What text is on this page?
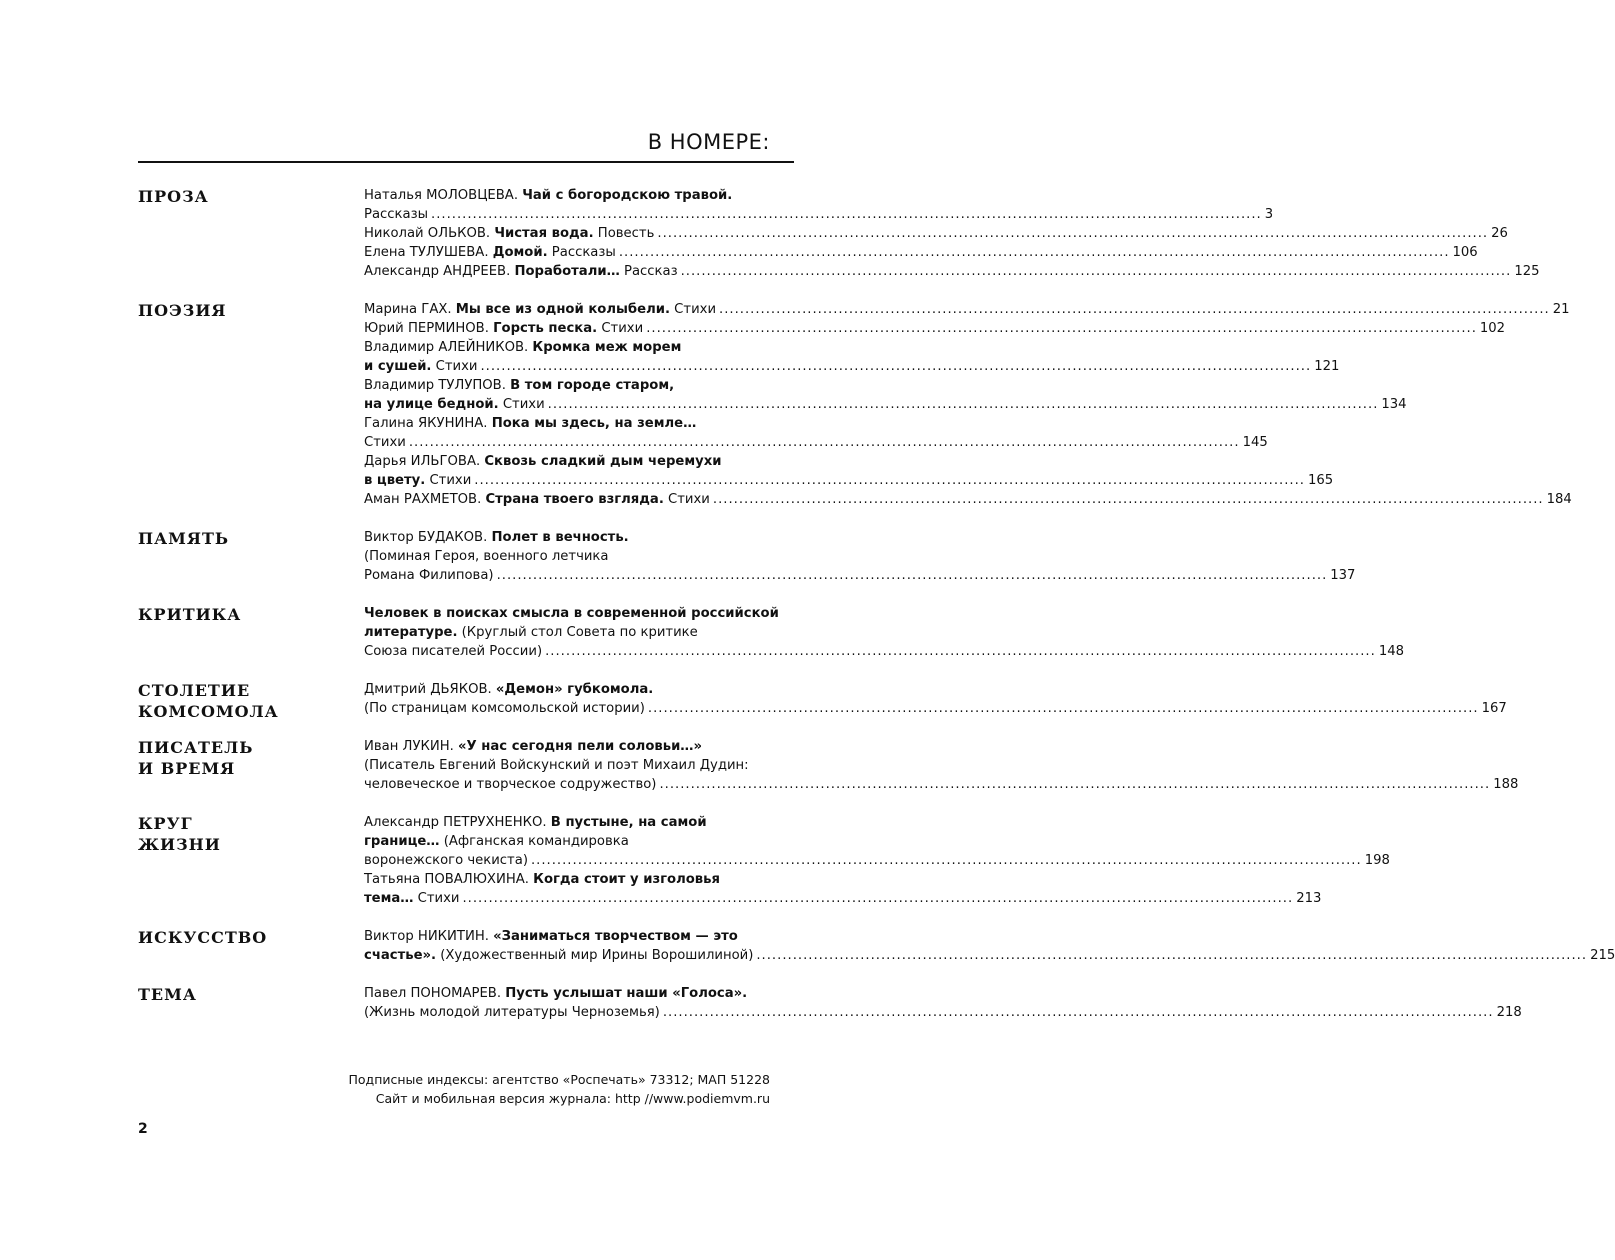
В НОМЕРЕ:
ПРОЗА	Наталья МОЛОВЦЕВА. Чай с богородскою травой.
Рассказы .....	3
Николай ОЛЬКОВ. Чистая вода. Повесть .....	26
Елена ТУЛУШЕВА. Домой. Рассказы .....	106
Александр АНДРЕЕВ. Поработали… Рассказ .....	125
ПОЭЗИЯ	Марина ГАХ. Мы все из одной колыбели. Стихи .....	21
Юрий ПЕРМИНОВ. Горсть песка. Стихи .....	102
Владимир АЛЕЙНИКОВ. Кромка меж морем
и сушей. Стихи .....	121
Владимир ТУЛУПОВ. В том городе старом,
на улице бедной. Стихи .....	134
Галина ЯКУНИНА. Пока мы здесь, на земле…
Стихи .....	145
Дарья ИЛЬГОВА. Сквозь сладкий дым черемухи
в цвету. Стихи .....	165
Аман РАХМЕТОВ. Страна твоего взгляда. Стихи .....	184
ПАМЯТЬ	Виктор БУДАКОВ. Полет в вечность.
(Поминая Героя, военного летчика
Романа Филипова) .....	137
КРИТИКА	Человек в поисках смысла в современной российской
литературе. (Круглый стол Совета по критике
Союза писателей России) .....	148
СТОЛЕТИЕ
КОМСОМОЛА
Дмитрий ДЬЯКОВ. «Демон» губкомола.
(По страницам комсомольской истории) .....	167
ПИСАТЕЛЬ
И ВРЕМЯ
Иван ЛУКИН. «У нас сегодня пели соловьи…»
(Писатель Евгений Войскунский и поэт Михаил Дудин:
человеческое и творческое содружество) .....	188
КРУГ
ЖИЗНИ
Александр ПЕТРУХНЕНКО. В пустыне, на самой
границе… (Афганская командировка
воронежского чекиста) .....	198
Татьяна ПОВАЛЮХИНА. Когда стоит у изголовья
тема… Стихи .....	213
ИСКУССТВО	Виктор НИКИТИН. «Заниматься творчеством — это
счастье». (Художественный мир Ирины Ворошилиной) .....	215
ТЕМА	Павел ПОНОМАРЕВ. Пусть услышат наши «Голоса».
(Жизнь молодой литературы Черноземья) .....	218
Подписные индексы: агентство «Роспечать» 73312; МАП 51228
Сайт и мобильная версия журнала: http //www.podiemvm.ru
2
